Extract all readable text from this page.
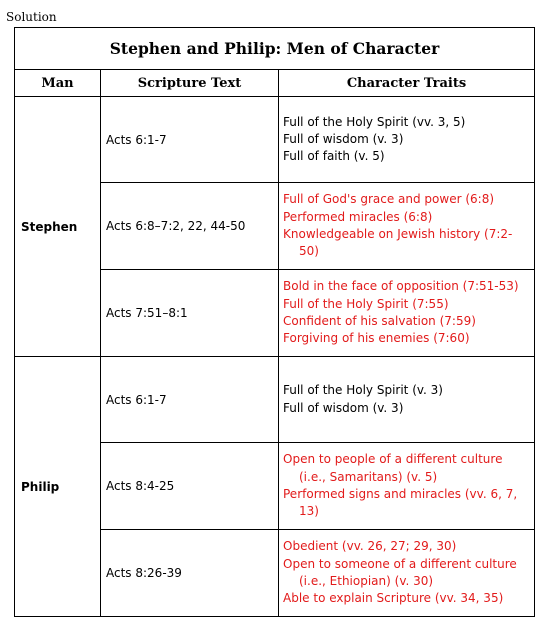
Solution
Stephen and Philip: Men of Character		
Man	Scripture Text	Character Traits
Stephen	Acts 6:1-7	Full of the Holy Spirit (vv. 3, 5)
Full of wisdom (v. 3)
Full of faith (v. 5)

	Acts 6:8–7:2, 22, 44-50	Full of God's grace and power (6:8)
Performed miracles (6:8)
Knowledgeable on Jewish history (7:2-50)

	Acts 7:51–8:1	Bold in the face of opposition (7:51-53)
Full of the Holy Spirit (7:55)
Confident of his salvation (7:59)
Forgiving of his enemies (7:60)

Philip	Acts 6:1-7	Full of the Holy Spirit (v. 3)
Full of wisdom (v. 3)

	Acts 8:4-25	Open to people of a different culture (i.e., Samaritans) (v. 5)
Performed signs and miracles (vv. 6, 7, 13)

	Acts 8:26-39	Obedient (vv. 26, 27; 29, 30)
Open to someone of a different culture (i.e., Ethiopian) (v. 30)
Able to explain Scripture (vv. 34, 35)
